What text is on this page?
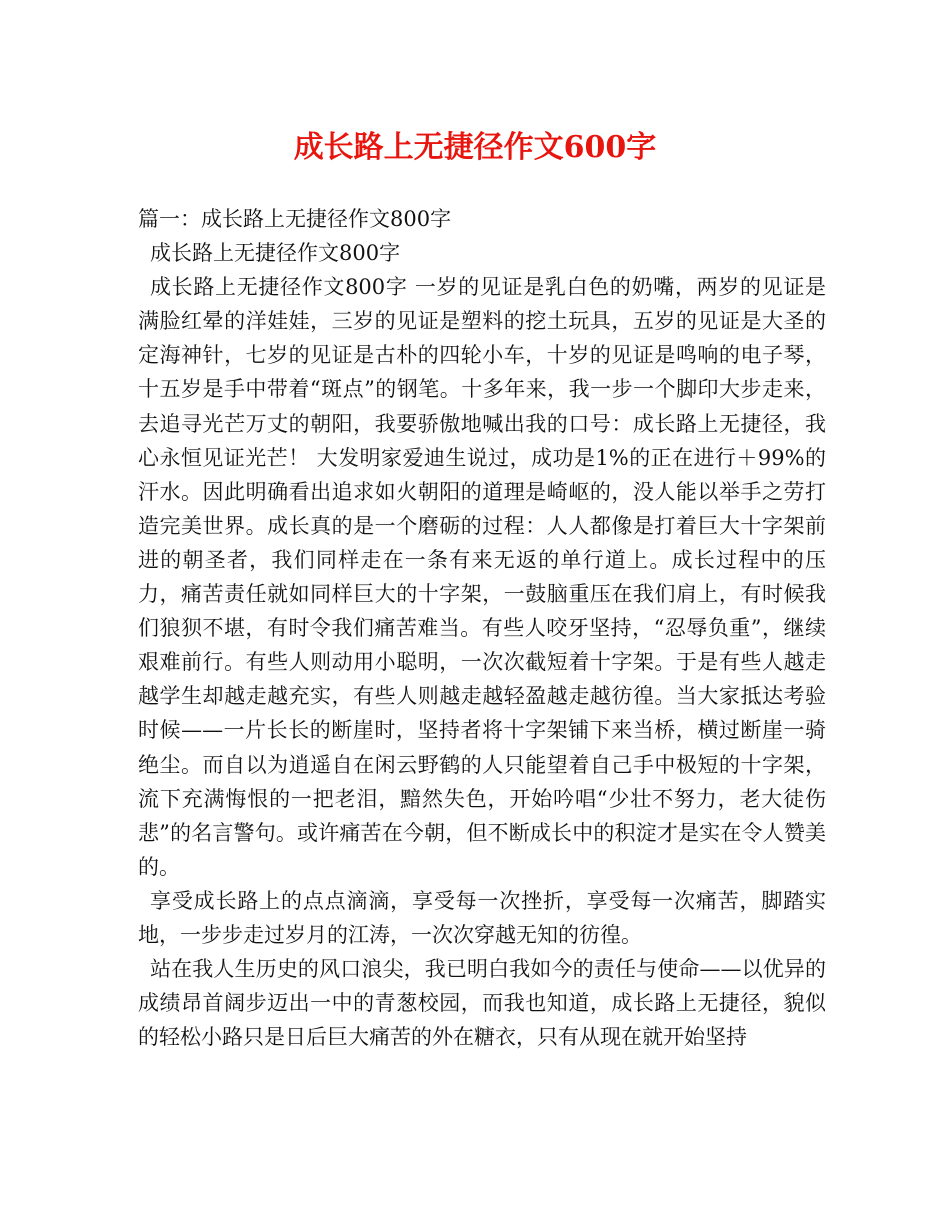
成长路上无捷径作文600字

篇一：成长路上无捷径作文800字

成长路上无捷径作文800字

成长路上无捷径作文800字 一岁的见证是乳白色的奶嘴，两岁的见证是满脸红晕的洋娃娃，三岁的见证是塑料的挖土玩具，五岁的见证是大圣的定海神针，七岁的见证是古朴的四轮小车，十岁的见证是鸣响的电子琴，十五岁是手中带着“斑点”的钢笔。十多年来，我一步一个脚印大步走来，去追寻光芒万丈的朝阳，我要骄傲地喊出我的口号：成长路上无捷径，我心永恒见证光芒！ 大发明家爱迪生说过，成功是1%的正在进行＋99%的汗水。因此明确看出追求如火朝阳的道理是崎岖的，没人能以举手之劳打造完美世界。成长真的是一个磨砺的过程：人人都像是打着巨大十字架前进的朝圣者，我们同样走在一条有来无返的单行道上。成长过程中的压力，痛苦责任就如同样巨大的十字架，一鼓脑重压在我们肩上，有时候我们狼狈不堪，有时令我们痛苦难当。有些人咬牙坚持，“忍辱负重”，继续艰难前行。有些人则动用小聪明，一次次截短着十字架。于是有些人越走越学生却越走越充实，有些人则越走越轻盈越走越彷徨。当大家抵达考验时候——一片长长的断崖时，坚持者将十字架铺下来当桥，横过断崖一骑绝尘。而自以为逍遥自在闲云野鹤的人只能望着自己手中极短的十字架，流下充满悔恨的一把老泪，黯然失色，开始吟唱“少壮不努力，老大徒伤悲”的名言警句。或许痛苦在今朝，但不断成长中的积淀才是实在令人赞美的。

享受成长路上的点点滴滴，享受每一次挫折，享受每一次痛苦，脚踏实地，一步步走过岁月的江涛，一次次穿越无知的彷徨。

站在我人生历史的风口浪尖，我已明白我如今的责任与使命——以优异的成绩昂首阔步迈出一中的青葱校园，而我也知道，成长路上无捷径，貌似的轻松小路只是日后巨大痛苦的外在糖衣，只有从现在就开始坚持
